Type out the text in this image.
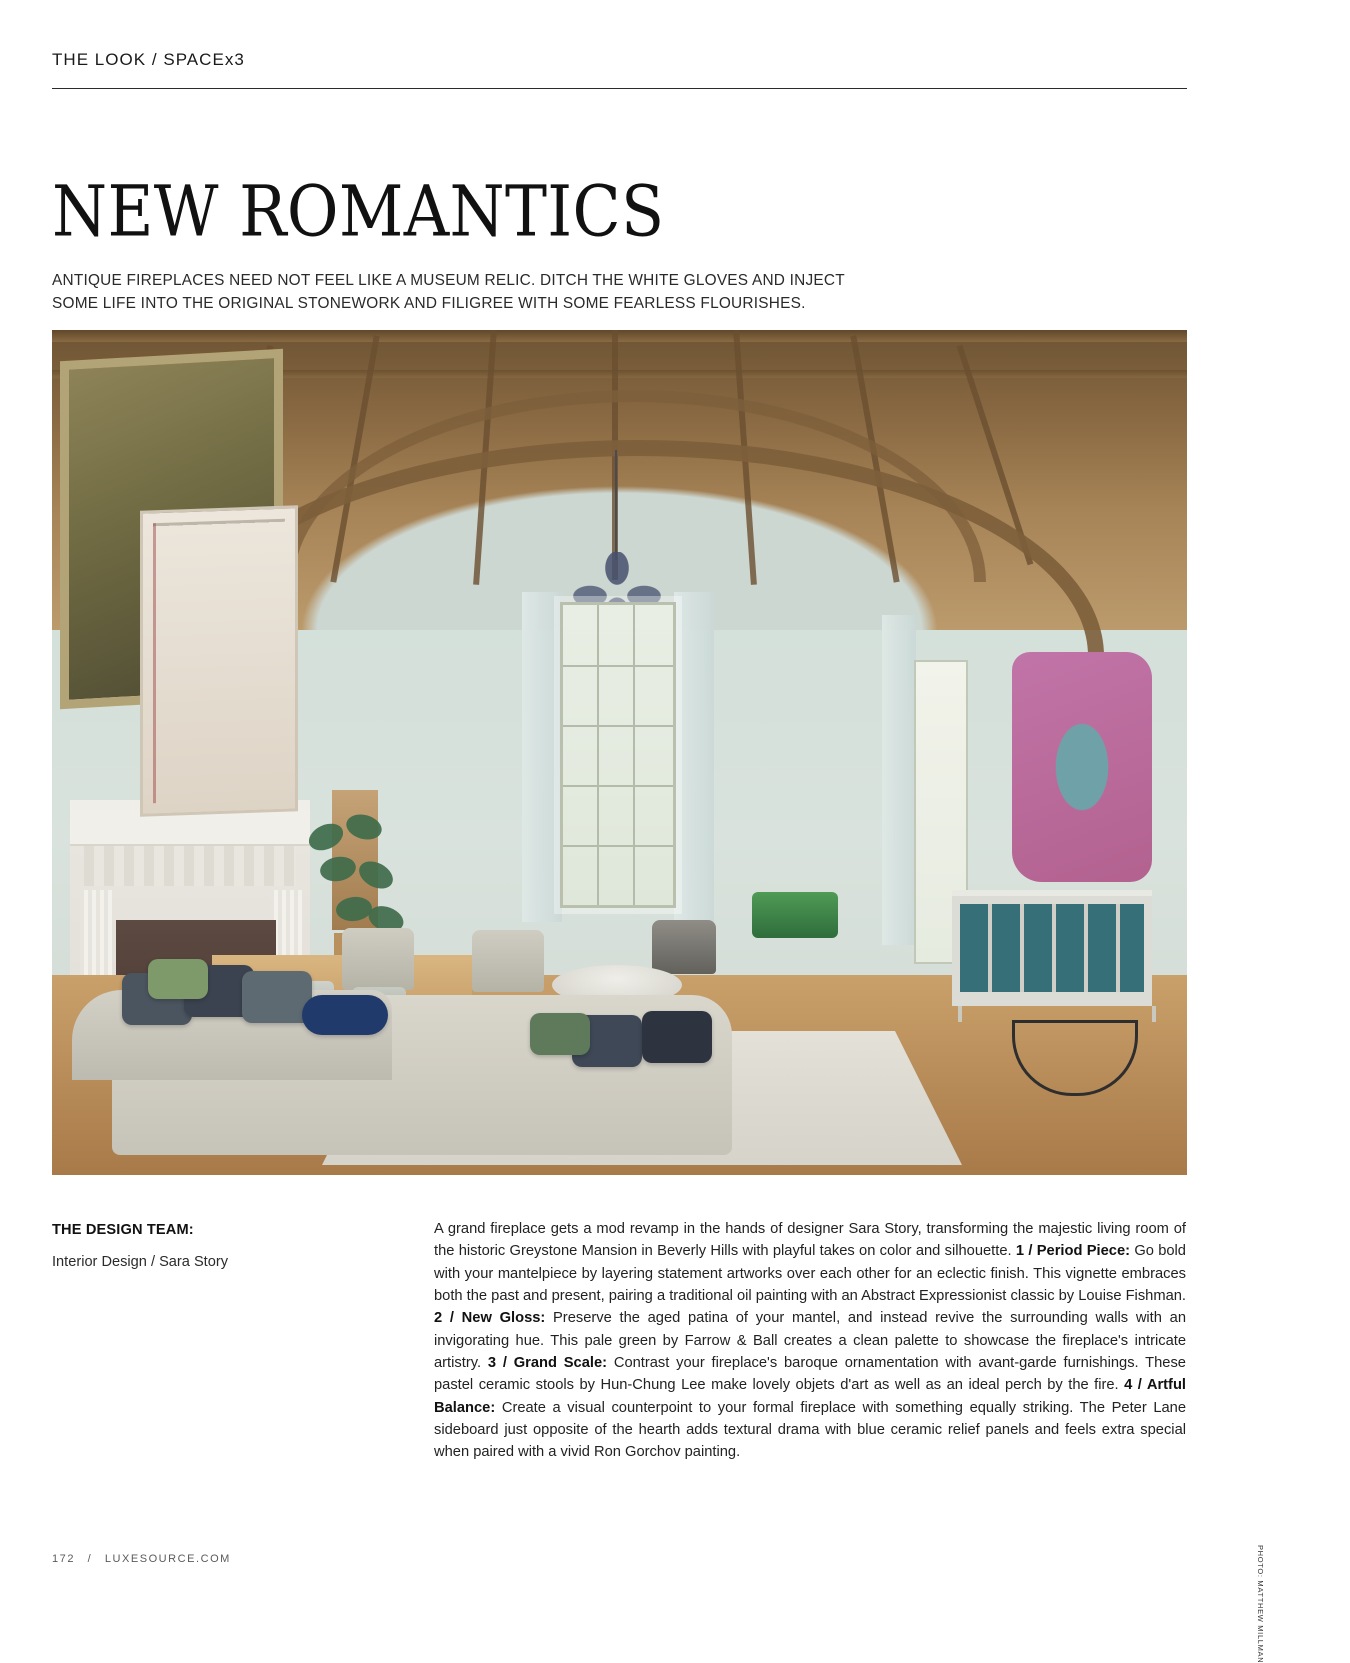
THE LOOK / SPACEx3
NEW ROMANTICS
ANTIQUE FIREPLACES NEED NOT FEEL LIKE A MUSEUM RELIC. DITCH THE WHITE GLOVES AND INJECT SOME LIFE INTO THE ORIGINAL STONEWORK AND FILIGREE WITH SOME FEARLESS FLOURISHES.
PHOTO: MATTHEW MILLMAN
THE DESIGN TEAM:
Interior Design / Sara Story
A grand fireplace gets a mod revamp in the hands of designer Sara Story, transforming the majestic living room of the historic Greystone Mansion in Beverly Hills with playful takes on color and silhouette. 1 / Period Piece: Go bold with your mantelpiece by layering statement artworks over each other for an eclectic finish. This vignette embraces both the past and present, pairing a traditional oil painting with an Abstract Expressionist classic by Louise Fishman. 2 / New Gloss: Preserve the aged patina of your mantel, and instead revive the surrounding walls with an invigorating hue. This pale green by Farrow & Ball creates a clean palette to showcase the fireplace's intricate artistry. 3 / Grand Scale: Contrast your fireplace's baroque ornamentation with avant-garde furnishings. These pastel ceramic stools by Hun-Chung Lee make lovely objets d'art as well as an ideal perch by the fire. 4 / Artful Balance: Create a visual counterpoint to your formal fireplace with something equally striking. The Peter Lane sideboard just opposite of the hearth adds textural drama with blue ceramic relief panels and feels extra special when paired with a vivid Ron Gorchov painting.
172 / LUXESOURCE.COM
